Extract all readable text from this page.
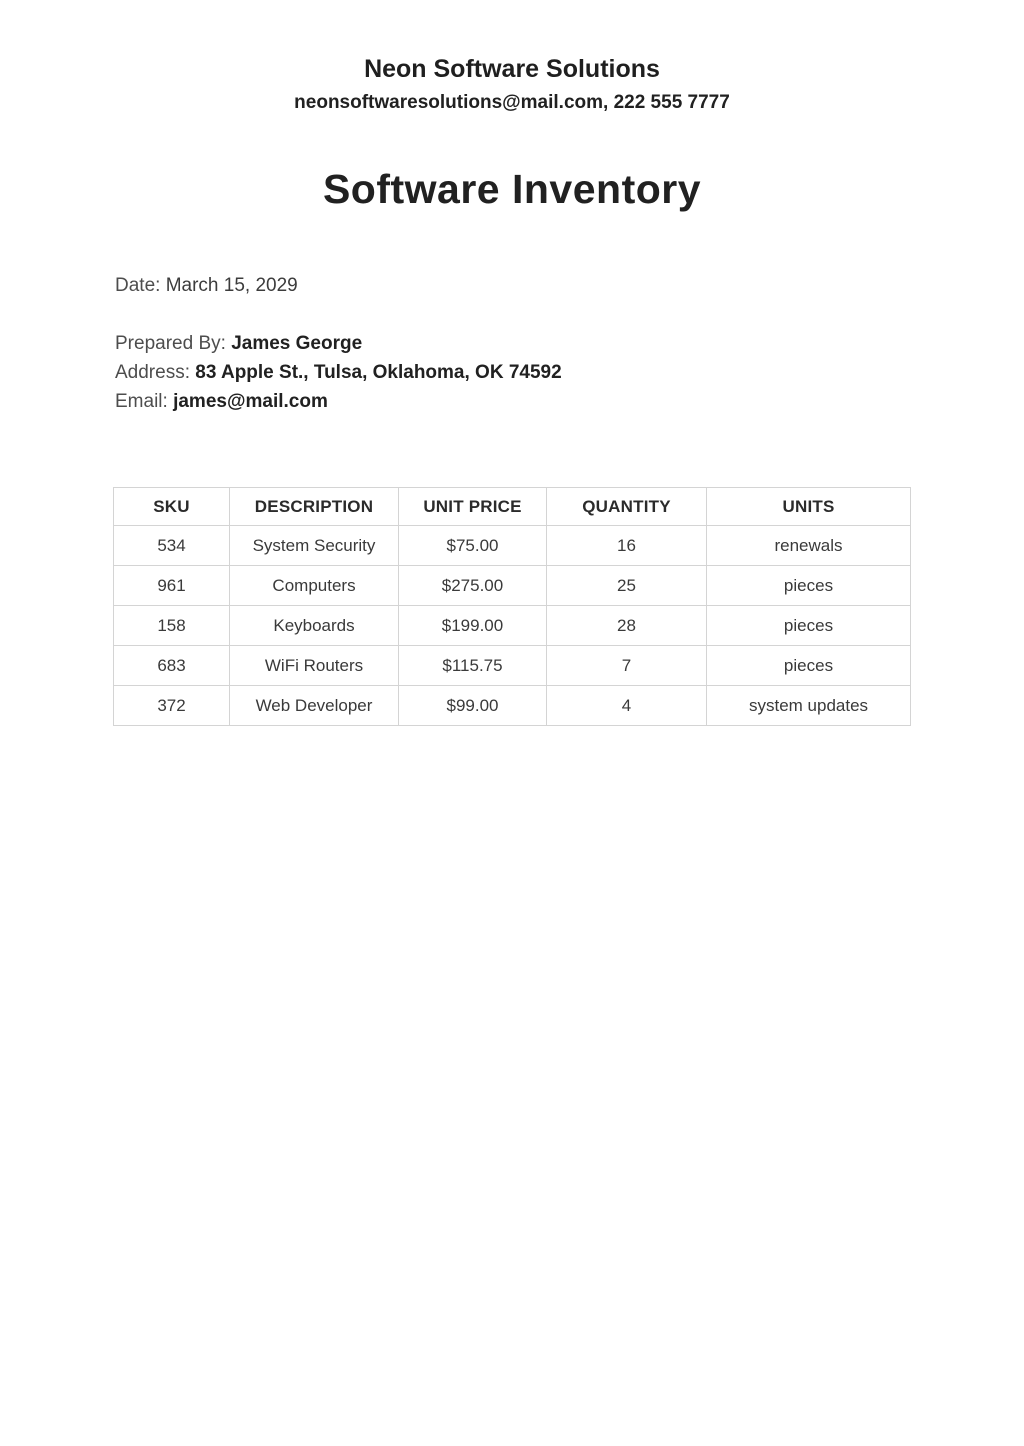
Neon Software Solutions
neonsoftwaresolutions@mail.com, 222 555 7777
Software Inventory
Date: March 15, 2029
Prepared By: James George
Address: 83 Apple St., Tulsa, Oklahoma, OK 74592
Email: james@mail.com
SKU	DESCRIPTION	UNIT PRICE	QUANTITY	UNITS
534	System Security	$75.00	16	renewals
961	Computers	$275.00	25	pieces
158	Keyboards	$199.00	28	pieces
683	WiFi Routers	$115.75	7	pieces
372	Web Developer	$99.00	4	system updates
